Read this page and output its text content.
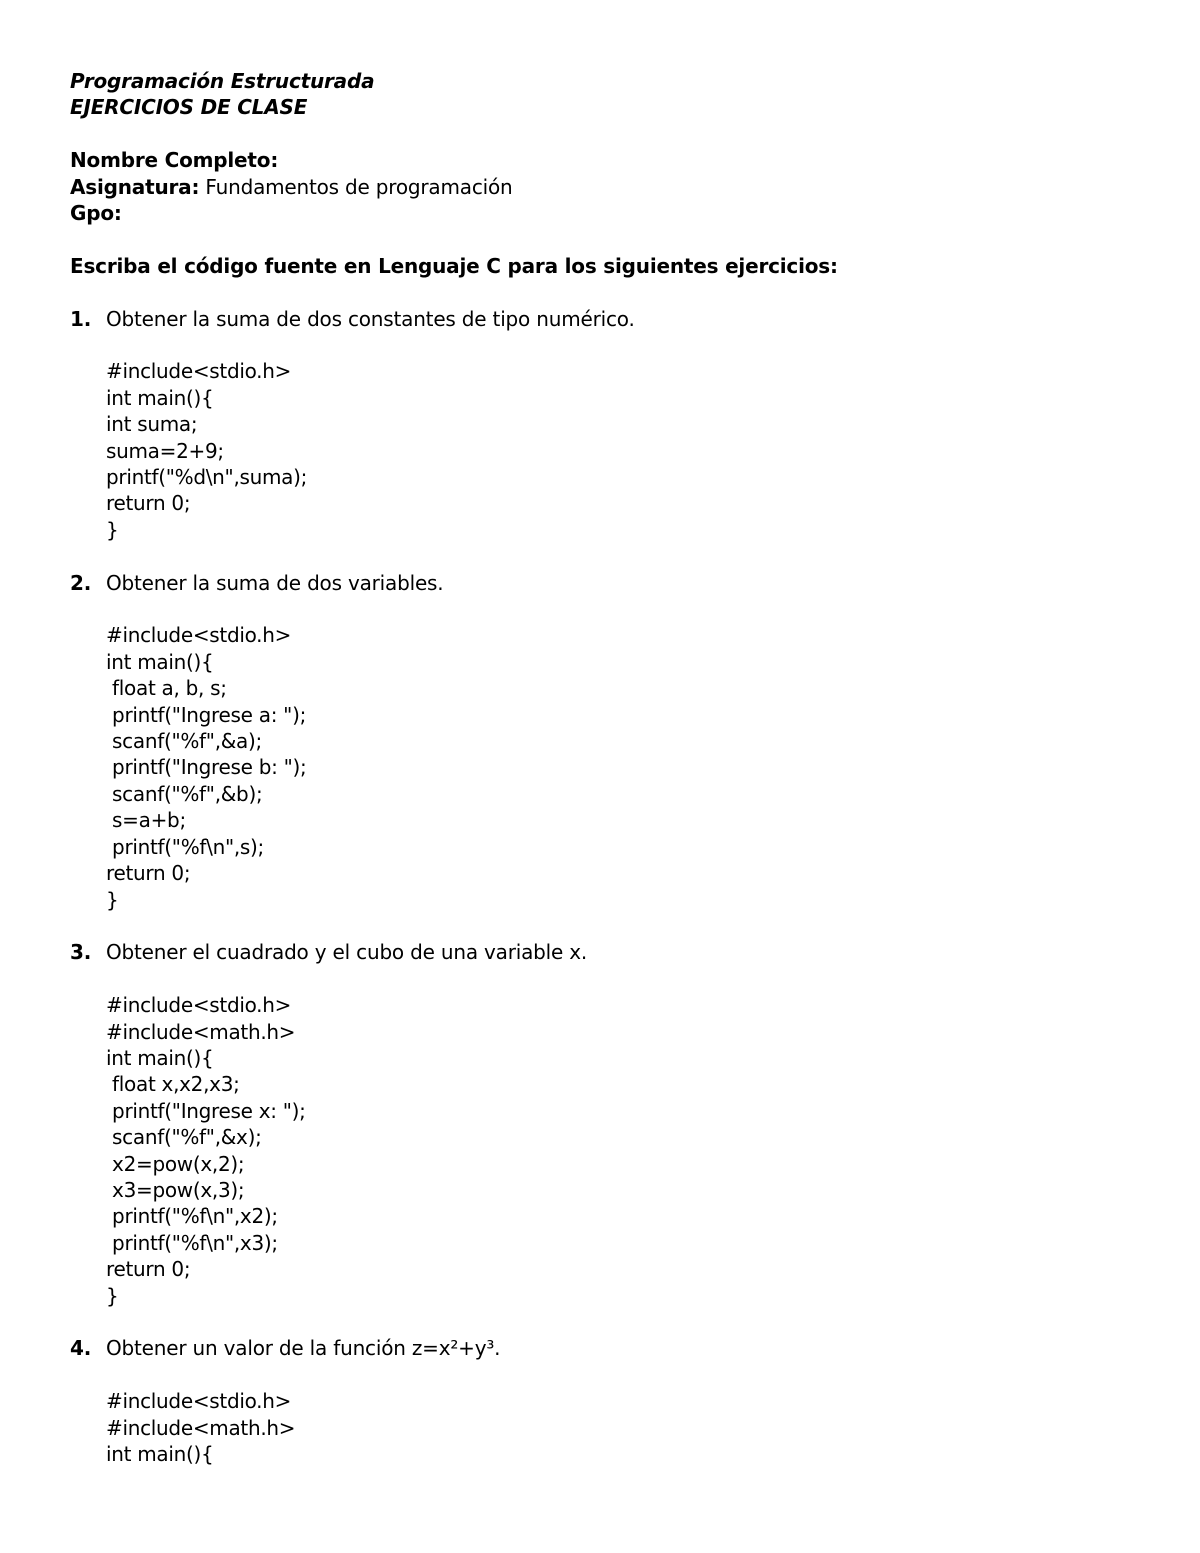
Programación Estructurada
EJERCICIOS DE CLASE
Nombre Completo:
Asignatura: Fundamentos de programación
Gpo:
Escriba el código fuente en Lenguaje C para los siguientes ejercicios:
1. Obtener la suma de dos constantes de tipo numérico.
#include<stdio.h>
int main(){
int suma;
suma=2+9;
printf("%d\n",suma);
return 0;
}
2. Obtener la suma de dos variables.
#include<stdio.h>
int main(){
float a, b, s;
printf("Ingrese a: ");
scanf("%f",&a);
printf("Ingrese b: ");
scanf("%f",&b);
s=a+b;
printf("%f\n",s);
return 0;
}
3. Obtener el cuadrado y el cubo de una variable x.
#include<stdio.h>
#include<math.h>
int main(){
float x,x2,x3;
printf("Ingrese x: ");
scanf("%f",&x);
x2=pow(x,2);
x3=pow(x,3);
printf("%f\n",x2);
printf("%f\n",x3);
return 0;
}
4. Obtener un valor de la función z=x²+y³.
#include<stdio.h>
#include<math.h>
int main(){
